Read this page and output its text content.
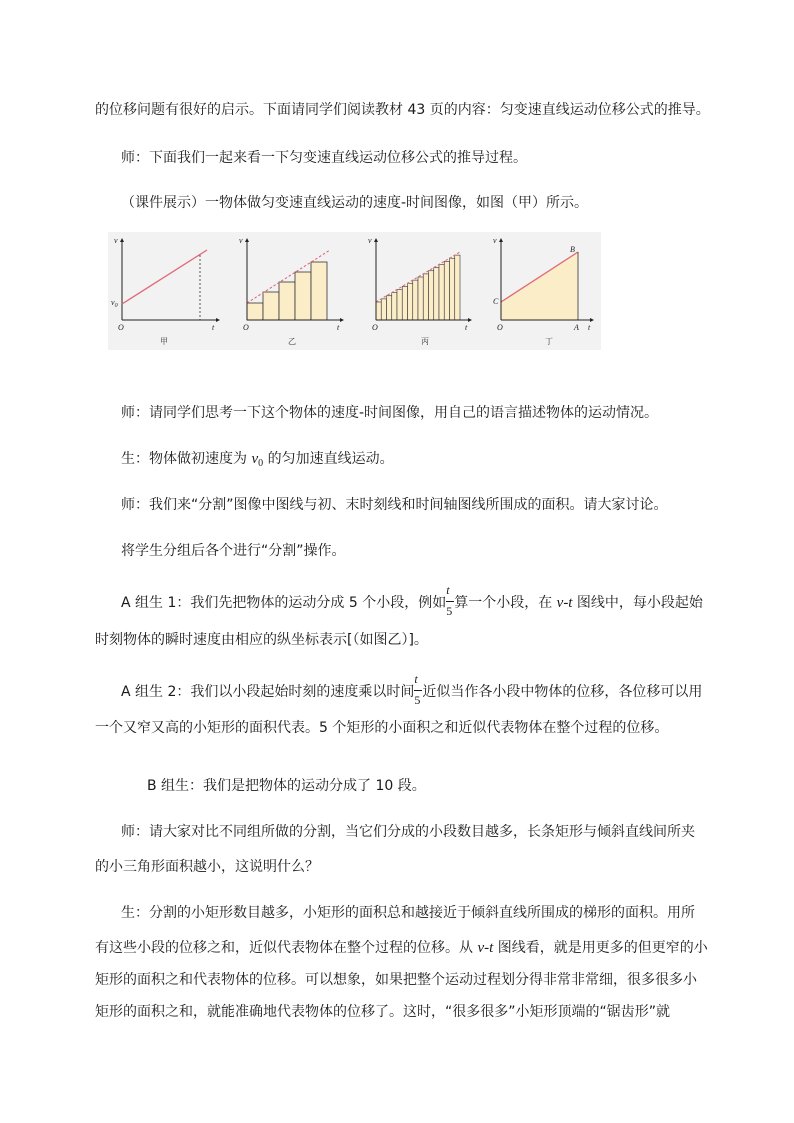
的位移问题有很好的启示。下面请同学们阅读教材 43 页的内容：匀变速直线运动位移公式的推导。
师：下面我们一起来看一下匀变速直线运动位移公式的推导过程。
（课件展示）一物体做匀变速直线运动的速度-时间图像，如图（甲）所示。
v
t
O
$v_0$
甲
v
t
O
乙
v
t
O
丙
v
t
O
C
B
A
丁
师：请同学们思考一下这个物体的速度-时间图像，用自己的语言描述物体的运动情况。
生：物体做初速度为 $v_0$ 的匀加速直线运动。
师：我们来“分割”图像中图线与初、末时刻线和时间轴图线所围成的面积。请大家讨论。
将学生分组后各个进行“分割”操作。
A 组生 1：我们先把物体的运动分成 5 个小段，例如 $\frac{t}{5}$ 算一个小段，在 v-t 图线中，每小段起始
时刻物体的瞬时速度由相应的纵坐标表示[（如图乙）]。
A 组生 2：我们以小段起始时刻的速度乘以时间 $\frac{t}{5}$ 近似当作各小段中物体的位移，各位移可以用
一个又窄又高的小矩形的面积代表。5 个矩形的小面积之和近似代表物体在整个过程的位移。
B 组生：我们是把物体的运动分成了 10 段。
师：请大家对比不同组所做的分割，当它们分成的小段数目越多，长条矩形与倾斜直线间所夹
的小三角形面积越小，这说明什么？
生：分割的小矩形数目越多，小矩形的面积总和越接近于倾斜直线所围成的梯形的面积。用所
有这些小段的位移之和，近似代表物体在整个过程的位移。从 v-t 图线看，就是用更多的但更窄的小
矩形的面积之和代表物体的位移。可以想象，如果把整个运动过程划分得非常非常细，很多很多小
矩形的面积之和，就能准确地代表物体的位移了。这时，“很多很多”小矩形顶端的“锯齿形”就
